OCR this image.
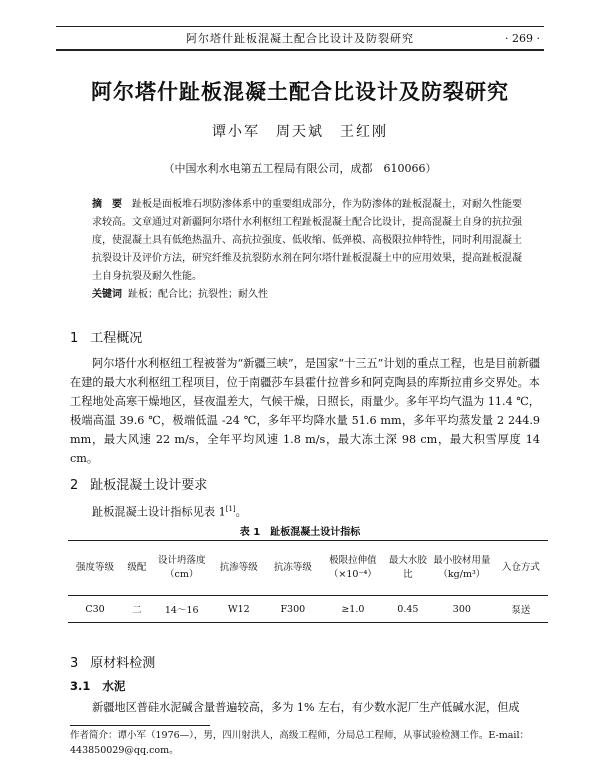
阿尔塔什趾板混凝土配合比设计及防裂研究	· 269 ·
阿尔塔什趾板混凝土配合比设计及防裂研究
谭小军　周天斌　王红刚
（中国水利水电第五工程局有限公司，成都　610066）
摘　要 趾板是面板堆石坝防渗体系中的重要组成部分，作为防渗体的趾板混凝土，对耐久性能要求较高。文章通过对新疆阿尔塔什水利枢纽工程趾板混凝土配合比设计，提高混凝土自身的抗拉强度，使混凝土具有低绝热温升、高抗拉强度、低收缩、低弹模、高极限拉伸特性，同时利用混凝土抗裂设计及评价方法，研究纤维及抗裂防水剂在阿尔塔什趾板混凝土中的应用效果，提高趾板混凝土自身抗裂及耐久性能。
关键词 趾板；配合比；抗裂性；耐久性
1 工程概况
阿尔塔什水利枢纽工程被誉为“新疆三峡”，是国家“十三五”计划的重点工程，也是目前新疆在建的最大水利枢纽工程项目，位于南疆莎车县霍什拉普乡和阿克陶县的库斯拉甫乡交界处。本工程地处高寒干燥地区，昼夜温差大，气候干燥，日照长，雨量少。多年平均气温为 11.4 ℃，极端高温 39.6 ℃，极端低温 -24 ℃，多年平均降水量 51.6 mm，多年平均蒸发量 2 244.9 mm，最大风速 22 m/s，全年平均风速 1.8 m/s，最大冻土深 98 cm，最大积雪厚度 14 cm。
2 趾板混凝土设计要求
趾板混凝土设计指标见表 1[1]。
表 1　趾板混凝土设计指标
强度等级	级配	设计坍落度（cm）	抗渗等级	抗冻等级	极限拉伸值（×10⁻⁴）	最大水胶比	最小胶材用量（kg/m³）	入仓方式
C30	二	14～16	W12	F300	≥1.0	0.45	300	泵送
3 原材料检测
3.1 水泥
新疆地区普硅水泥碱含量普遍较高，多为 1% 左右，有少数水泥厂生产低碱水泥，但成
作者简介：谭小军（1976—），男，四川射洪人，高级工程师，分局总工程师，从事试验检测工作。E-mail：443850029@qq.com。
